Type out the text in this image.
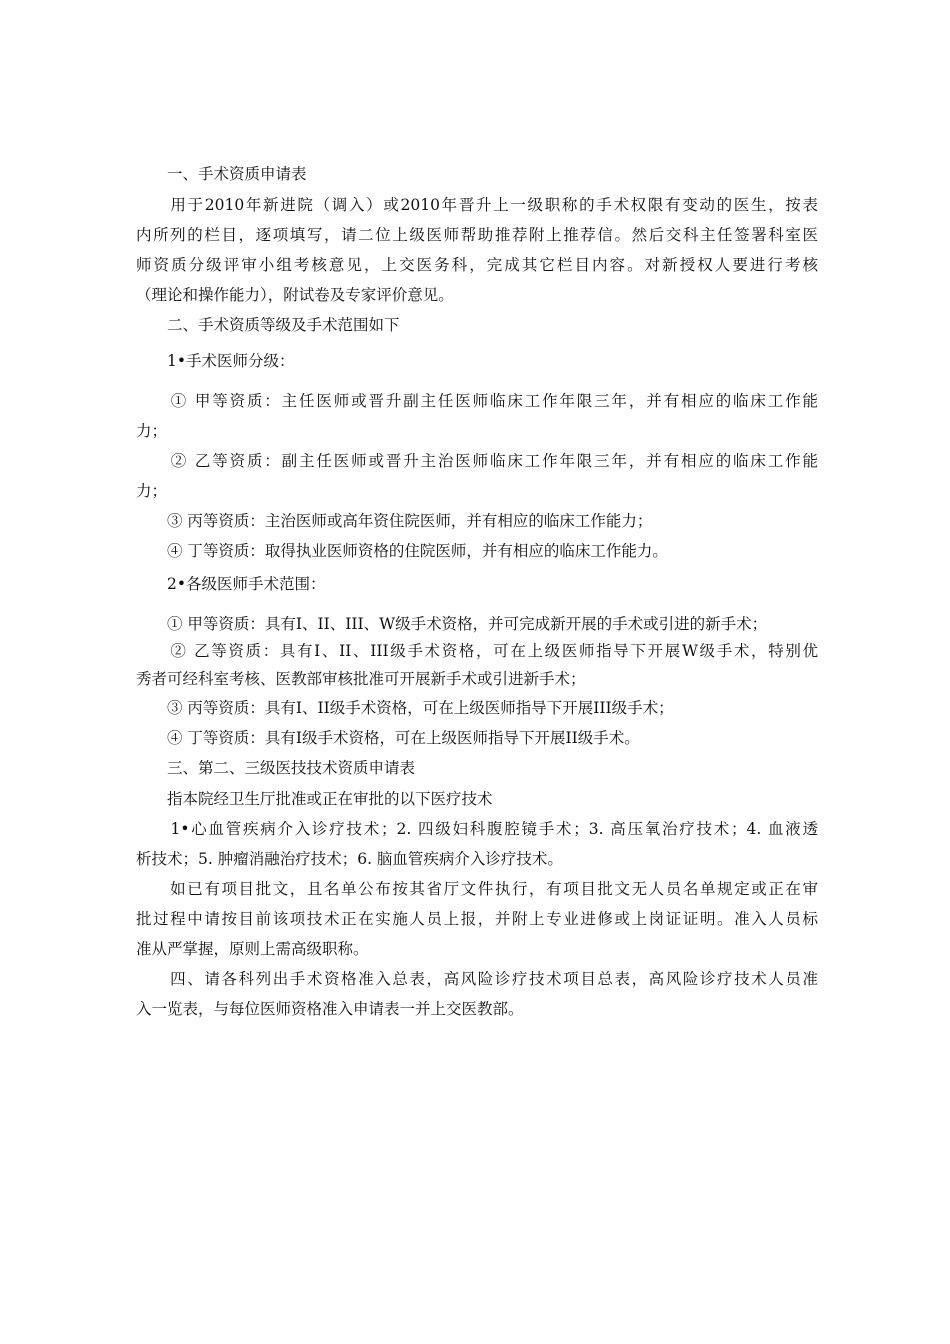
　　一、手术资质申请表
　　用于2010年新进院（调入）或2010年晋升上一级职称的手术权限有变动的医生，按表
内所列的栏目，逐项填写，请二位上级医师帮助推荐附上推荐信。然后交科主任签署科室医
师资质分级评审小组考核意见，上交医务科，完成其它栏目内容。对新授权人要进行考核
（理论和操作能力），附试卷及专家评价意见。
　　二、手术资质等级及手术范围如下
　　1•手术医师分级：
　　① 甲等资质：主任医师或晋升副主任医师临床工作年限三年，并有相应的临床工作能
力；
　　② 乙等资质：副主任医师或晋升主治医师临床工作年限三年，并有相应的临床工作能
力；
　　③ 丙等资质：主治医师或高年资住院医师，并有相应的临床工作能力；
　　④ 丁等资质：取得执业医师资格的住院医师，并有相应的临床工作能力。
　　2•各级医师手术范围：
　　① 甲等资质：具有I、II、III、W级手术资格，并可完成新开展的手术或引进的新手术；
　　② 乙等资质：具有I、II、III级手术资格，可在上级医师指导下开展W级手术，特别优
秀者可经科室考核、医教部审核批准可开展新手术或引进新手术；
　　③ 丙等资质：具有I、II级手术资格，可在上级医师指导下开展III级手术；
　　④ 丁等资质：具有I级手术资格，可在上级医师指导下开展II级手术。
　　三、第二、三级医技技术资质申请表
　　指本院经卫生厅批准或正在审批的以下医疗技术
　　1•心血管疾病介入诊疗技术；2. 四级妇科腹腔镜手术；3. 高压氧治疗技术；4. 血液透
析技术；5. 肿瘤消融治疗技术；6. 脑血管疾病介入诊疗技术。
　　如已有项目批文，且名单公布按其省厅文件执行，有项目批文无人员名单规定或正在审
批过程中请按目前该项技术正在实施人员上报，并附上专业进修或上岗证证明。准入人员标
准从严掌握，原则上需高级职称。
　　四、请各科列出手术资格准入总表，高风险诊疗技术项目总表，高风险诊疗技术人员准
入一览表，与每位医师资格准入申请表一并上交医教部。
